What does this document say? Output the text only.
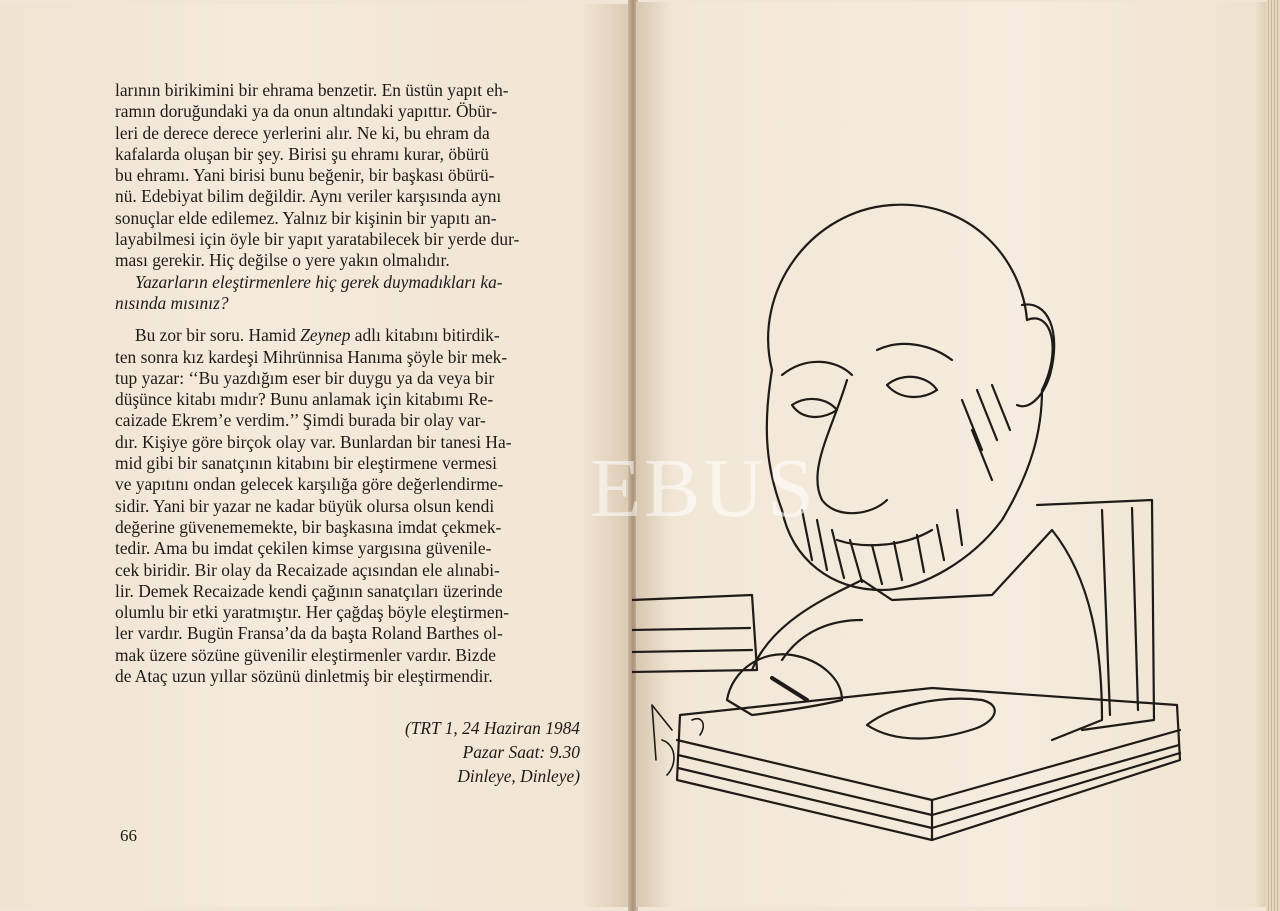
larının birikimini bir ehrama benzetir. En üstün yapıt eh-

ramın doruğundaki ya da onun altındaki yapıttır. Öbür-

leri de derece derece yerlerini alır. Ne ki, bu ehram da

kafalarda oluşan bir şey. Birisi şu ehramı kurar, öbürü

bu ehramı. Yani birisi bunu beğenir, bir başkası öbürü-

nü. Edebiyat bilim değildir. Aynı veriler karşısında aynı

sonuçlar elde edilemez. Yalnız bir kişinin bir yapıtı an-

layabilmesi için öyle bir yapıt yaratabilecek bir yerde dur-

ması gerekir. Hiç değilse o yere yakın olmalıdır.

Yazarların eleştirmenlere hiç gerek duymadıkları ka-

nısında mısınız?

Bu zor bir soru. Hamid Zeynep adlı kitabını bitirdik-

ten sonra kız kardeşi Mihrünnisa Hanıma şöyle bir mek-

tup yazar: ‘‘Bu yazdığım eser bir duygu ya da veya bir

düşünce kitabı mıdır? Bunu anlamak için kitabımı Re-

caizade Ekrem’e verdim.’’ Şimdi burada bir olay var-

dır. Kişiye göre birçok olay var. Bunlardan bir tanesi Ha-

mid gibi bir sanatçının kitabını bir eleştirmene vermesi

ve yapıtını ondan gelecek karşılığa göre değerlendirme-

sidir. Yani bir yazar ne kadar büyük olursa olsun kendi

değerine güvenememekte, bir başkasına imdat çekmek-

tedir. Ama bu imdat çekilen kimse yargısına güvenile-

cek biridir. Bir olay da Recaizade açısından ele alınabi-

lir. Demek Recaizade kendi çağının sanatçıları üzerinde

olumlu bir etki yaratmıştır. Her çağdaş böyle eleştirmen-

ler vardır. Bugün Fransa’da da başta Roland Barthes ol-

mak üzere sözüne güvenilir eleştirmenler vardır. Bizde

de Ataç uzun yıllar sözünü dinletmiş bir eleştirmendir.

66
(TRT 1, 24 Haziran 1984
Pazar Saat: 9.30
Dinleye, Dinleye)
EBUS
